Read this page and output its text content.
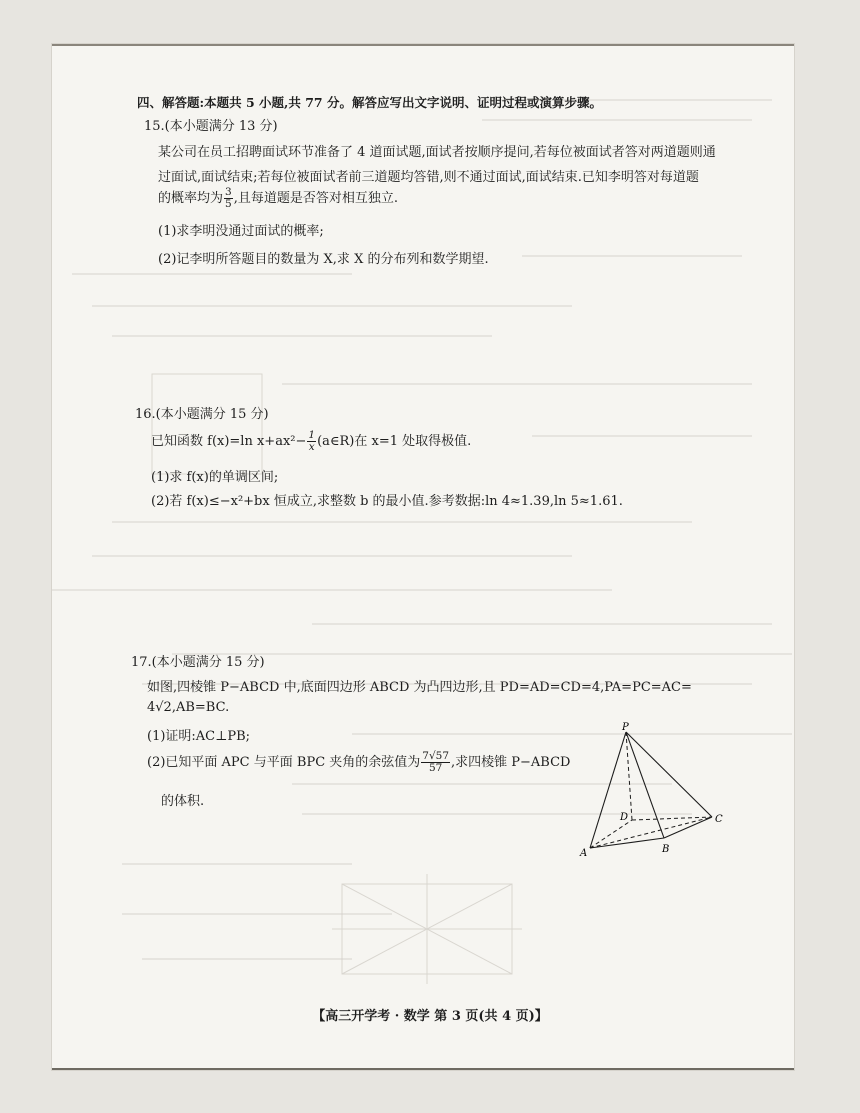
四、解答题:本题共 5 小题,共 77 分。解答应写出文字说明、证明过程或演算步骤。
15.(本小题满分 13 分)
某公司在员工招聘面试环节准备了 4 道面试题,面试者按顺序提问,若每位被面试者答对两道题则通
过面试,面试结束;若每位被面试者前三道题均答错,则不通过面试,面试结束.已知李明答对每道题
的概率均为 $\frac{3}{5}$ ,且每道题是否答对相互独立.
(1)求李明没通过面试的概率;
(2)记李明所答题目的数量为 X,求 X 的分布列和数学期望.
16.(本小题满分 15 分)
已知函数 f(x)=ln $x+ax^2- \frac{1}{x}$ (a∈R)在 x=1 处取得极值.
(1)求 f(x)的单调区间;
(2)若 f(x)≤−x²+bx 恒成立,求整数 b 的最小值.参考数据:ln 4≈1.39,ln 5≈1.61.
17.(本小题满分 15 分)
如图,四棱锥 P−ABCD 中,底面四边形 ABCD 为凸四边形,且 PD=AD=CD=4,PA=PC=AC=
4√2,AB=BC.
(1)证明:AC⊥PB;
(2)已知平面 APC 与平面 BPC 夹角的余弦值为 $\frac{7√57}{57}$ ,求四棱锥 P−ABCD
的体积.
P
A	B
C
D
【高三开学考 · 数学 第 3 页(共 4 页)】
